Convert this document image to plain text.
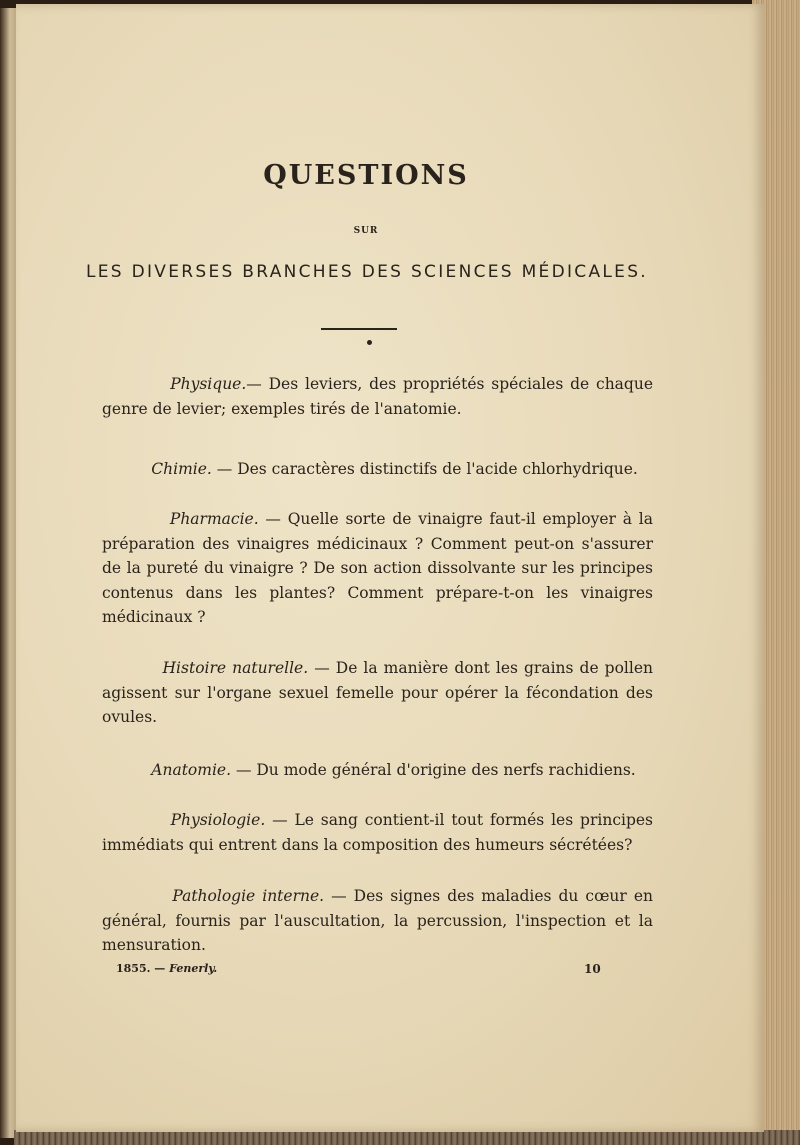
QUESTIONS
SUR
LES DIVERSES BRANCHES DES SCIENCES MÉDICALES.

Physique.— Des leviers, des propriétés spéciales de chaque genre de levier; exemples tirés de l'anatomie.

Chimie. — Des caractères distinctifs de l'acide chlorhydrique.

Pharmacie. — Quelle sorte de vinaigre faut-il employer à la préparation des vinaigres médicinaux ? Comment peut-on s'assurer de la pureté du vinaigre ? De son action dissolvante sur les principes contenus dans les plantes? Comment prépare-t-on les vinaigres médicinaux ?

Histoire naturelle. — De la manière dont les grains de pollen agissent sur l'organe sexuel femelle pour opérer la fécondation des ovules.

Anatomie. — Du mode général d'origine des nerfs rachidiens.

Physiologie. — Le sang contient-il tout formés les principes immédiats qui entrent dans la composition des humeurs sécrétées?

Pathologie interne. — Des signes des maladies du cœur en général, fournis par l'auscultation, la percussion, l'inspection et la mensuration.

1855. — Fenerly.	10
